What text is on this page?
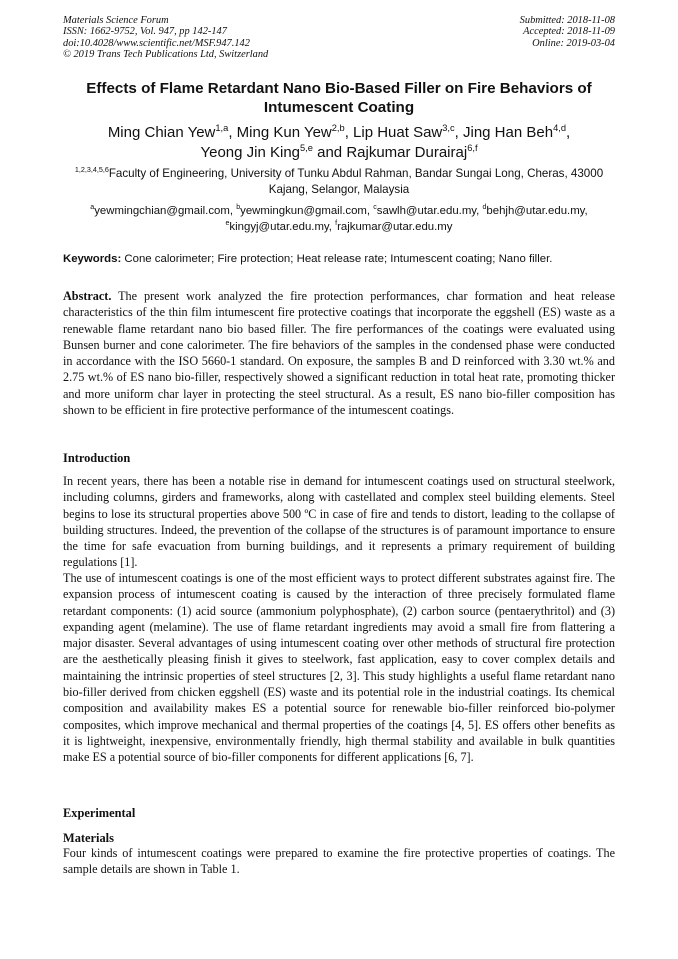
Materials Science Forum
ISSN: 1662-9752, Vol. 947, pp 142-147
doi:10.4028/www.scientific.net/MSF.947.142
© 2019 Trans Tech Publications Ltd, Switzerland
Submitted: 2018-11-08
Accepted: 2018-11-09
Online: 2019-03-04
Effects of Flame Retardant Nano Bio-Based Filler on Fire Behaviors of Intumescent Coating
Ming Chian Yew$^{1,a}$, Ming Kun Yew$^{2,b}$, Lip Huat Saw$^{3,c}$, Jing Han Beh$^{4,d}$,
Yeong Jin King$^{5,e}$ and Rajkumar Durairaj$^{6,f}$
$^{1,2,3,4,5,6}$Faculty of Engineering, University of Tunku Abdul Rahman, Bandar Sungai Long, Cheras, 43000 Kajang, Selangor, Malaysia
$^a$yewmingchian@gmail.com, $^b$yewmingkun@gmail.com, $^c$sawlh@utar.edu.my, $^d$behjh@utar.edu.my,
$^e$kingyj@utar.edu.my, $^f$rajkumar@utar.edu.my
Keywords: Cone calorimeter; Fire protection; Heat release rate; Intumescent coating; Nano filler.
Abstract. The present work analyzed the fire protection performances, char formation and heat release characteristics of the thin film intumescent fire protective coatings that incorporate the eggshell (ES) waste as a renewable flame retardant nano bio based filler. The fire performances of the coatings were evaluated using Bunsen burner and cone calorimeter. The fire behaviors of the samples in the condensed phase were conducted in accordance with the ISO 5660-1 standard. On exposure, the samples B and D reinforced with 3.30 wt.% and 2.75 wt.% of ES nano bio-filler, respectively showed a significant reduction in total heat rate, promoting thicker and more uniform char layer in protecting the steel structural. As a result, ES nano bio-filler composition has shown to be efficient in fire protective performance of the intumescent coatings.
Introduction
In recent years, there has been a notable rise in demand for intumescent coatings used on structural steelwork, including columns, girders and frameworks, along with castellated and complex steel building elements. Steel begins to lose its structural properties above 500 ºC in case of fire and tends to distort, leading to the collapse of building structures. Indeed, the prevention of the collapse of the structures is of paramount importance to ensure the time for safe evacuation from burning buildings, and it represents a primary requirement of building regulations [1].
The use of intumescent coatings is one of the most efficient ways to protect different substrates against fire. The expansion process of intumescent coating is caused by the interaction of three precisely formulated flame retardant components: (1) acid source (ammonium polyphosphate), (2) carbon source (pentaerythritol) and (3) expanding agent (melamine). The use of flame retardant ingredients may avoid a small fire from flattering a major disaster. Several advantages of using intumescent coating over other methods of structural fire protection are the aesthetically pleasing finish it gives to steelwork, fast application, easy to cover complex details and maintaining the intrinsic properties of steel structures [2, 3]. This study highlights a useful flame retardant nano bio-filler derived from chicken eggshell (ES) waste and its potential role in the industrial coatings. Its chemical composition and availability makes ES a potential source for renewable bio-filler reinforced bio-polymer composites, which improve mechanical and thermal properties of the coatings [4, 5]. ES offers other benefits as it is lightweight, inexpensive, environmentally friendly, high thermal stability and available in bulk quantities make ES a potential source of bio-filler components for different applications [6, 7].
Experimental
Materials
Four kinds of intumescent coatings were prepared to examine the fire protective properties of coatings. The sample details are shown in Table 1.
